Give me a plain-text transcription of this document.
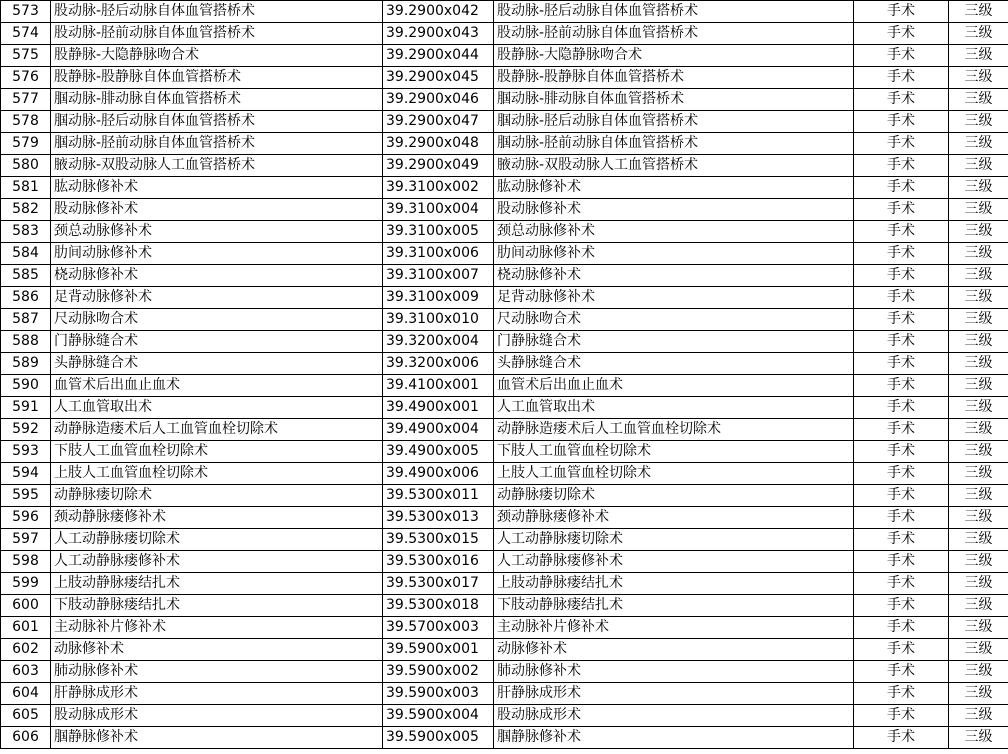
573	股动脉-胫后动脉自体血管搭桥术	39.2900x042	股动脉-胫后动脉自体血管搭桥术	手术	三级
574	股动脉-胫前动脉自体血管搭桥术	39.2900x043	股动脉-胫前动脉自体血管搭桥术	手术	三级
575	股静脉-大隐静脉吻合术	39.2900x044	股静脉-大隐静脉吻合术	手术	三级
576	股静脉-股静脉自体血管搭桥术	39.2900x045	股静脉-股静脉自体血管搭桥术	手术	三级
577	腘动脉-腓动脉自体血管搭桥术	39.2900x046	腘动脉-腓动脉自体血管搭桥术	手术	三级
578	腘动脉-胫后动脉自体血管搭桥术	39.2900x047	腘动脉-胫后动脉自体血管搭桥术	手术	三级
579	腘动脉-胫前动脉自体血管搭桥术	39.2900x048	腘动脉-胫前动脉自体血管搭桥术	手术	三级
580	腋动脉-双股动脉人工血管搭桥术	39.2900x049	腋动脉-双股动脉人工血管搭桥术	手术	三级
581	肱动脉修补术	39.3100x002	肱动脉修补术	手术	三级
582	股动脉修补术	39.3100x004	股动脉修补术	手术	三级
583	颈总动脉修补术	39.3100x005	颈总动脉修补术	手术	三级
584	肋间动脉修补术	39.3100x006	肋间动脉修补术	手术	三级
585	桡动脉修补术	39.3100x007	桡动脉修补术	手术	三级
586	足背动脉修补术	39.3100x009	足背动脉修补术	手术	三级
587	尺动脉吻合术	39.3100x010	尺动脉吻合术	手术	三级
588	门静脉缝合术	39.3200x004	门静脉缝合术	手术	三级
589	头静脉缝合术	39.3200x006	头静脉缝合术	手术	三级
590	血管术后出血止血术	39.4100x001	血管术后出血止血术	手术	三级
591	人工血管取出术	39.4900x001	人工血管取出术	手术	三级
592	动静脉造瘘术后人工血管血栓切除术	39.4900x004	动静脉造瘘术后人工血管血栓切除术	手术	三级
593	下肢人工血管血栓切除术	39.4900x005	下肢人工血管血栓切除术	手术	三级
594	上肢人工血管血栓切除术	39.4900x006	上肢人工血管血栓切除术	手术	三级
595	动静脉瘘切除术	39.5300x011	动静脉瘘切除术	手术	三级
596	颈动静脉瘘修补术	39.5300x013	颈动静脉瘘修补术	手术	三级
597	人工动静脉瘘切除术	39.5300x015	人工动静脉瘘切除术	手术	三级
598	人工动静脉瘘修补术	39.5300x016	人工动静脉瘘修补术	手术	三级
599	上肢动静脉瘘结扎术	39.5300x017	上肢动静脉瘘结扎术	手术	三级
600	下肢动静脉瘘结扎术	39.5300x018	下肢动静脉瘘结扎术	手术	三级
601	主动脉补片修补术	39.5700x003	主动脉补片修补术	手术	三级
602	动脉修补术	39.5900x001	动脉修补术	手术	三级
603	肺动脉修补术	39.5900x002	肺动脉修补术	手术	三级
604	肝静脉成形术	39.5900x003	肝静脉成形术	手术	三级
605	股动脉成形术	39.5900x004	股动脉成形术	手术	三级
606	腘静脉修补术	39.5900x005	腘静脉修补术	手术	三级
